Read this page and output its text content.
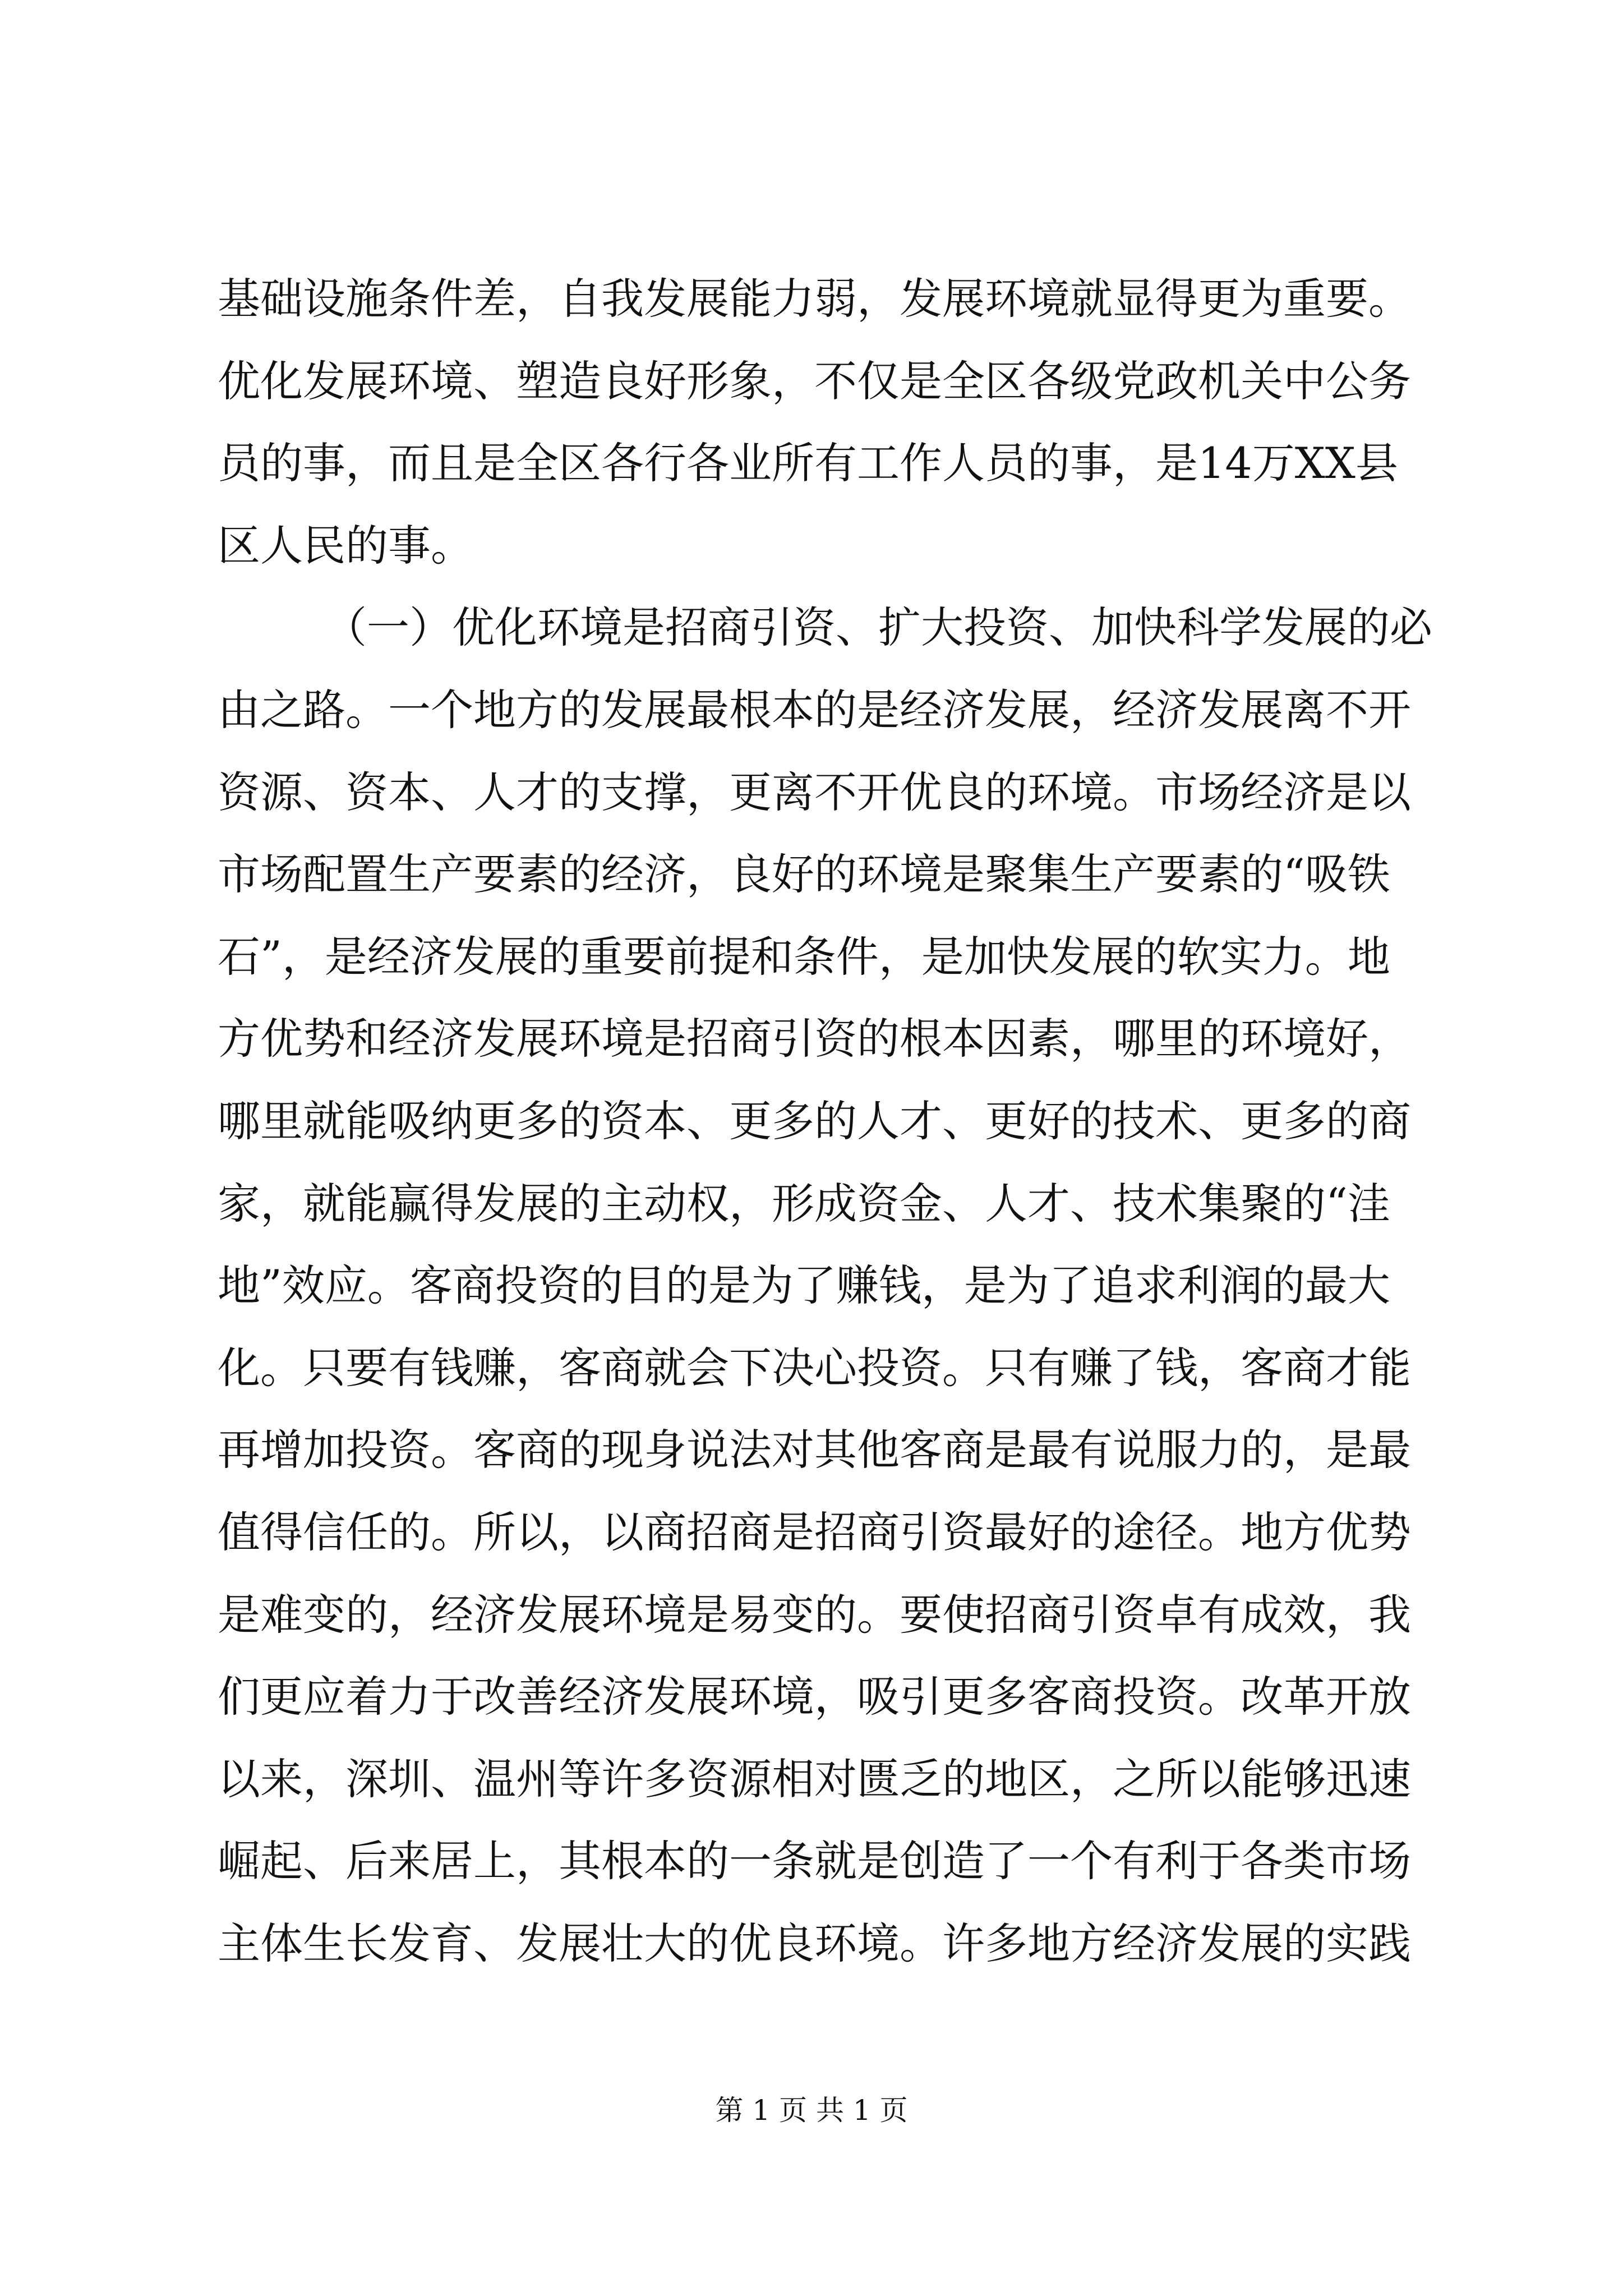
基础设施条件差，自我发展能力弱，发展环境就显得更为重要。
优化发展环境、塑造良好形象，不仅是全区各级党政机关中公务
员的事，而且是全区各行各业所有工作人员的事，是14万XX县
区人民的事。
（一）优化环境是招商引资、扩大投资、加快科学发展的必
由之路。一个地方的发展最根本的是经济发展，经济发展离不开
资源、资本、人才的支撑，更离不开优良的环境。市场经济是以
市场配置生产要素的经济，良好的环境是聚集生产要素的“吸铁
石”，是经济发展的重要前提和条件，是加快发展的软实力。地
方优势和经济发展环境是招商引资的根本因素，哪里的环境好，
哪里就能吸纳更多的资本、更多的人才、更好的技术、更多的商
家，就能赢得发展的主动权，形成资金、人才、技术集聚的“洼
地”效应。客商投资的目的是为了赚钱，是为了追求利润的最大
化。只要有钱赚，客商就会下决心投资。只有赚了钱，客商才能
再增加投资。客商的现身说法对其他客商是最有说服力的，是最
值得信任的。所以，以商招商是招商引资最好的途径。地方优势
是难变的，经济发展环境是易变的。要使招商引资卓有成效，我
们更应着力于改善经济发展环境，吸引更多客商投资。改革开放
以来，深圳、温州等许多资源相对匮乏的地区，之所以能够迅速
崛起、后来居上，其根本的一条就是创造了一个有利于各类市场
主体生长发育、发展壮大的优良环境。许多地方经济发展的实践
第 1 页 共 1 页
